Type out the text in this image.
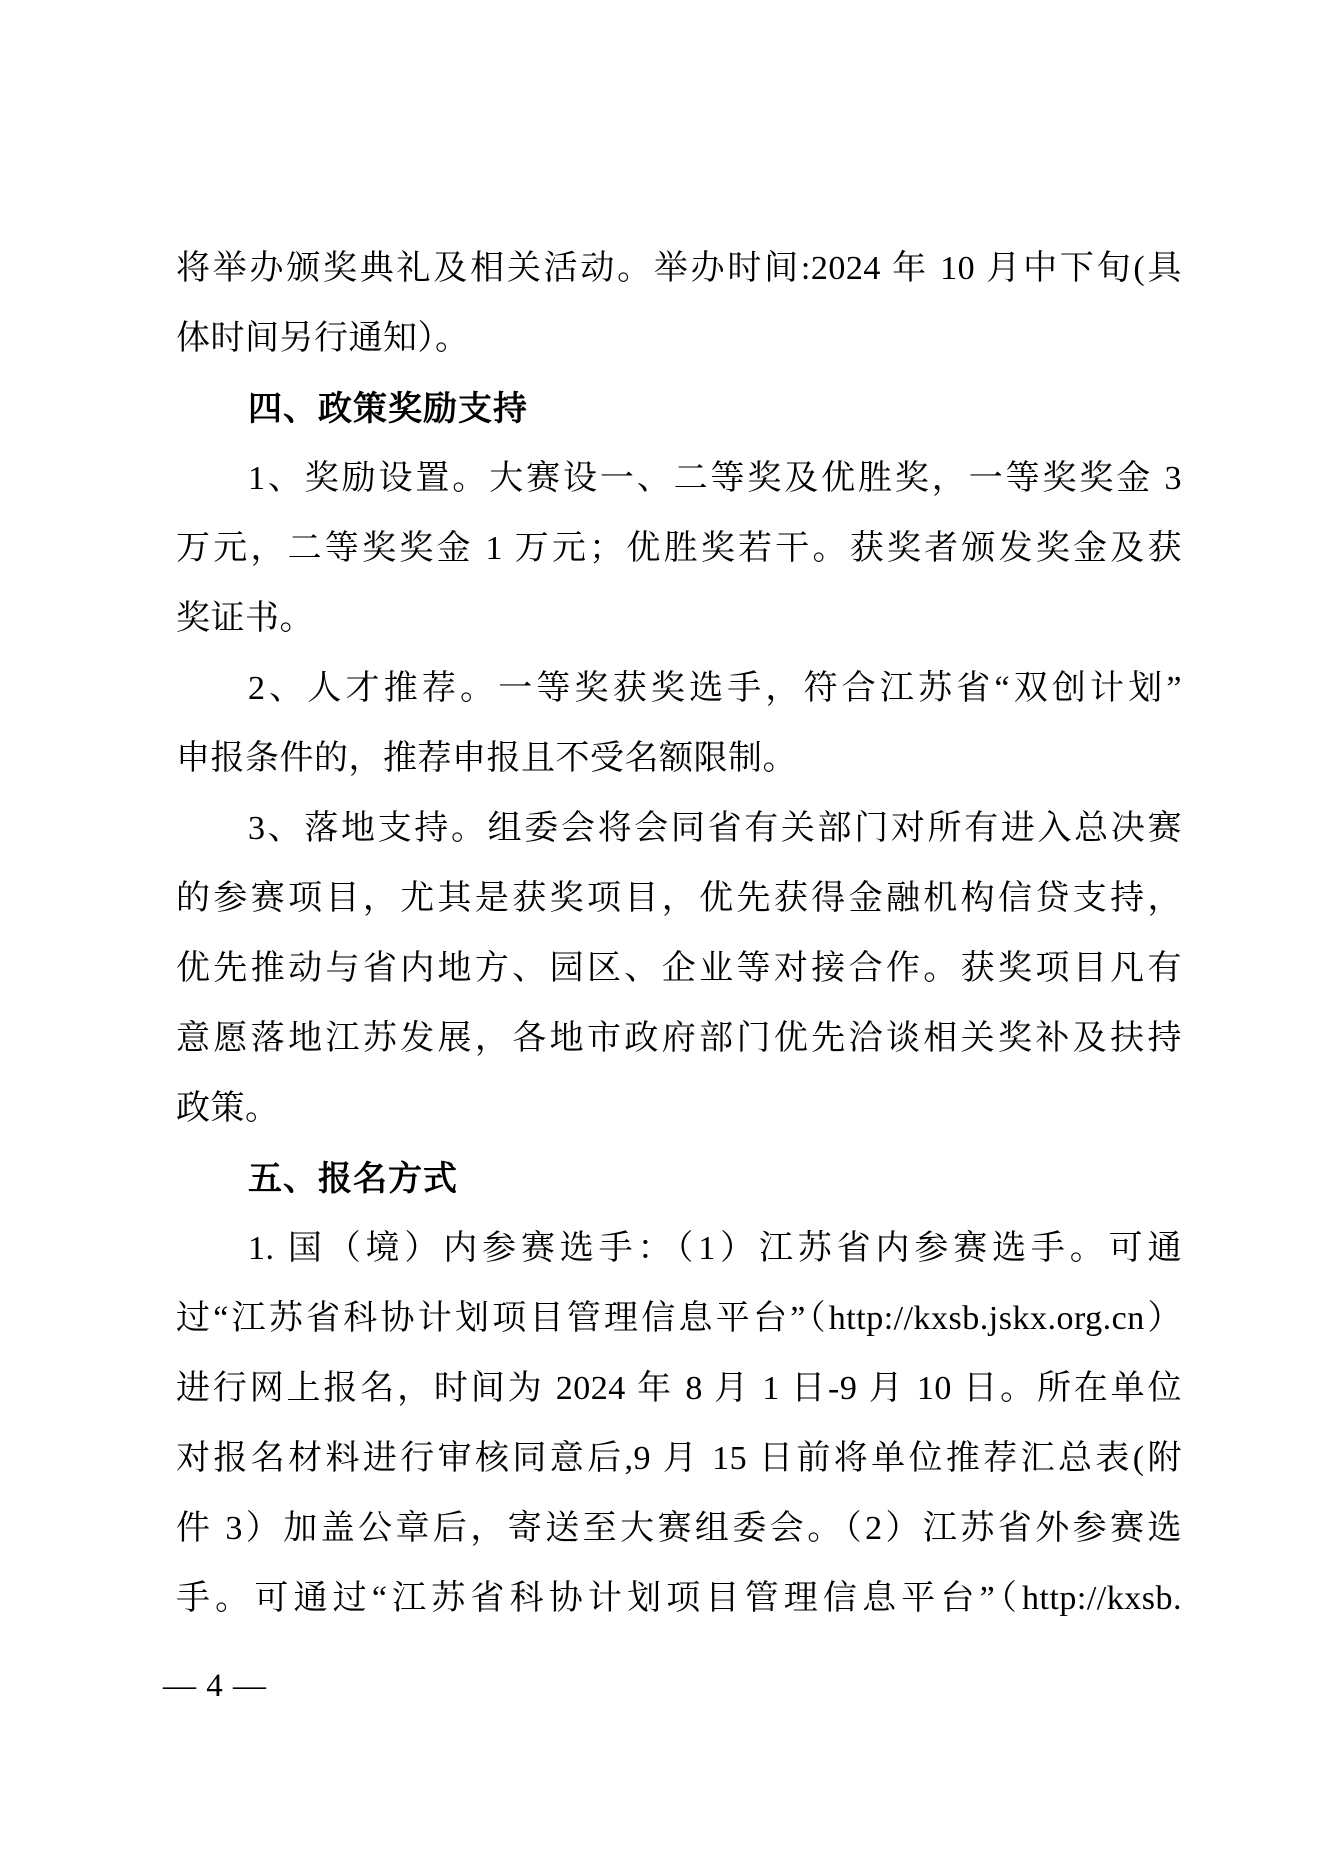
将举办颁奖典礼及相关活动。举办时间:2024 年 10 月中下旬(具
体时间另行通知）。
四、政策奖励支持
1、奖励设置。大赛设一、二等奖及优胜奖，一等奖奖金 3
万元，二等奖奖金 1 万元；优胜奖若干。获奖者颁发奖金及获
奖证书。
2、人才推荐。一等奖获奖选手，符合江苏省“双创计划”
申报条件的，推荐申报且不受名额限制。
3、落地支持。组委会将会同省有关部门对所有进入总决赛
的参赛项目，尤其是获奖项目，优先获得金融机构信贷支持，
优先推动与省内地方、园区、企业等对接合作。获奖项目凡有
意愿落地江苏发展，各地市政府部门优先洽谈相关奖补及扶持
政策。
五、报名方式
1. 国（境）内参赛选手：（1）江苏省内参赛选手。可通
过“江苏省科协计划项目管理信息平台”（http://kxsb.jskx.org.cn）
进行网上报名，时间为 2024 年 8 月 1 日-9 月 10 日。所在单位
对报名材料进行审核同意后,9 月 15 日前将单位推荐汇总表(附
件 3）加盖公章后，寄送至大赛组委会。（2）江苏省外参赛选
手。可通过“江苏省科协计划项目管理信息平台”（http://kxsb.
— 4 —
